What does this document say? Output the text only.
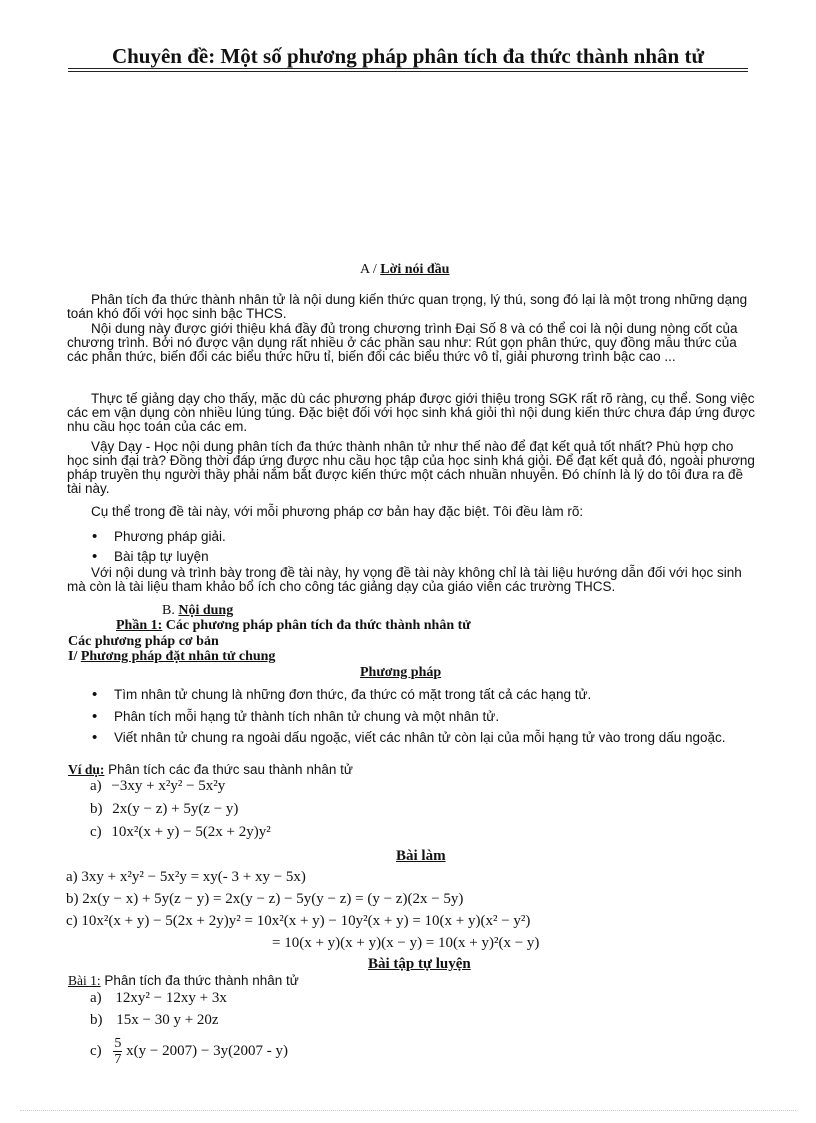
Chuyên đề: Một số phương pháp phân tích đa thức thành nhân tử
A / Lời nói đầu
Phân tích đa thức thành nhân tử là nội dung kiến thức quan trọng, lý thú, song đó lại là một trong những dạng toán khó đối với học sinh bậc THCS.
Nội dung này được giới thiệu khá đầy đủ trong chương trình Đại Số 8 và có thể coi là nội dung nòng cốt của chương trình. Bởi nó được vận dụng rất nhiều ở các phần sau như: Rút gọn phân thức, quy đồng mẫu thức của các phân thức, biến đổi các biểu thức hữu tỉ, biến đổi các biểu thức vô tỉ, giải phương trình bậc cao ...
Thực tế giảng dạy cho thấy, mặc dù các phương pháp được giới thiệu trong SGK rất rõ ràng, cụ thể. Song việc các em vận dụng còn nhiều lúng túng. Đặc biệt đối với học sinh khá giỏi thì nội dung kiến thức chưa đáp ứng được nhu cầu học toán của các em.
Vậy Dạy - Học nội dung phân tích đa thức thành nhân tử như thế nào để đạt kết quả tốt nhất? Phù hợp cho học sinh đại trà? Đồng thời đáp ứng được nhu cầu học tập của học sinh khá giỏi. Để đạt kết quả đó, ngoài phương pháp truyền thụ người thầy phải nắm bắt được kiến thức một cách nhuần nhuyễn. Đó chính là lý do tôi đưa ra đề tài này.
Cụ thể trong đề tài này, với mỗi phương pháp cơ bản hay đặc biệt. Tôi đều làm rõ:
• Phương pháp giải.
• Bài tập tự luyện
Với nội dung và trình bày trong đề tài này, hy vọng đề tài này không chỉ là tài liệu hướng dẫn đối với học sinh mà còn là tài liệu tham khảo bổ ích cho công tác giảng dạy của giáo viên các trường THCS.
B. Nội dung
Phần 1: Các phương pháp phân tích đa thức thành nhân tử
Các phương pháp cơ bản
I/ Phương pháp đặt nhân tử chung
Phương pháp
• Tìm nhân tử chung là những đơn thức, đa thức có mặt trong tất cả các hạng tử.
• Phân tích mỗi hạng tử thành tích nhân tử chung và một nhân tử.
• Viết nhân tử chung ra ngoài dấu ngoặc, viết các nhân tử còn lại của mỗi hạng tử vào trong dấu ngoặc.
Ví dụ: Phân tích các đa thức sau thành nhân tử
a) −3xy + x²y² − 5x²y
b) 2x(y − z) + 5y(z − y)
c) 10x²(x + y) − 5(2x + 2y)y²
Bài làm
a) 3xy + x²y² − 5x²y = xy(- 3 + xy − 5x)
b) 2x(y − x) + 5y(z − y) = 2x(y − z) − 5y(y − z) = (y − z)(2x − 5y)
c) 10x²(x + y) − 5(2x + 2y)y² = 10x²(x + y) − 10y²(x + y) = 10(x + y)(x² − y²)
= 10(x + y)(x + y)(x − y) = 10(x + y)²(x − y)
Bài tập tự luyện
Bài 1: Phân tích đa thức thành nhân tử
a) 12xy² − 12xy + 3x
b) 15x − 30 y + 20z
$c) \frac{5}{7} x(y - 2007) - 3y(2007 - y)$
